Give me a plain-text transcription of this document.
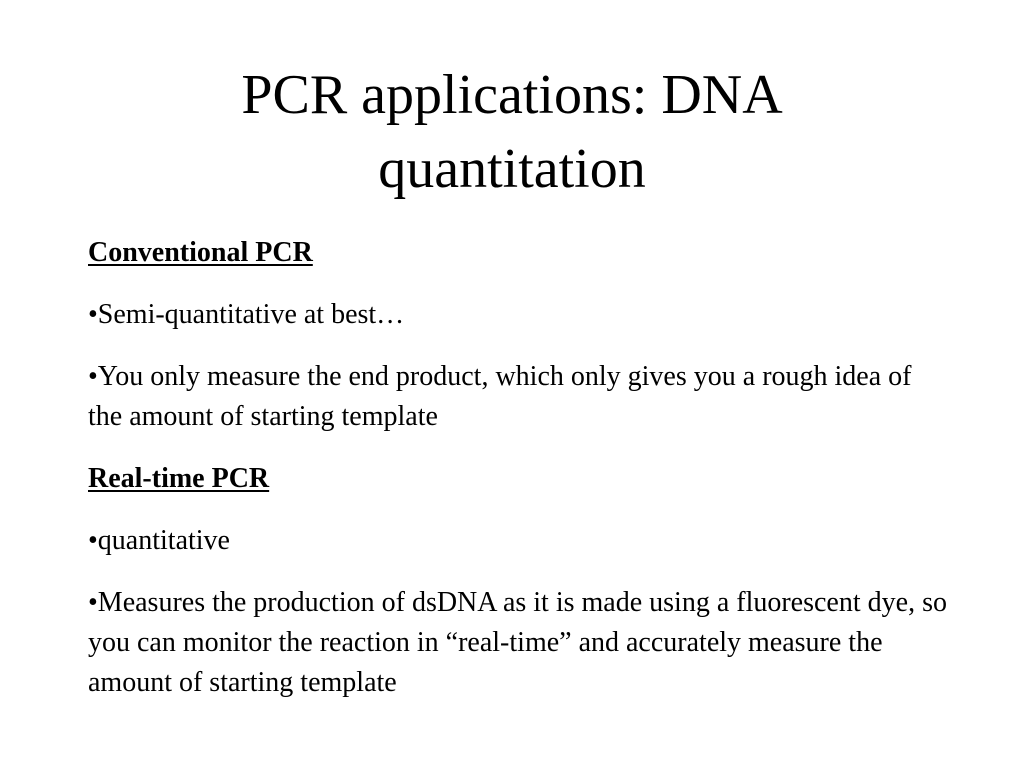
PCR applications: DNA
quantitation

Conventional PCR

•Semi-quantitative at best…

•You only measure the end product, which only gives you a rough idea of the amount of starting template

Real-time PCR

•quantitative

•Measures the production of dsDNA as it is made using a fluorescent dye, so you can monitor the reaction in “real-time” and accurately measure the amount of starting template
